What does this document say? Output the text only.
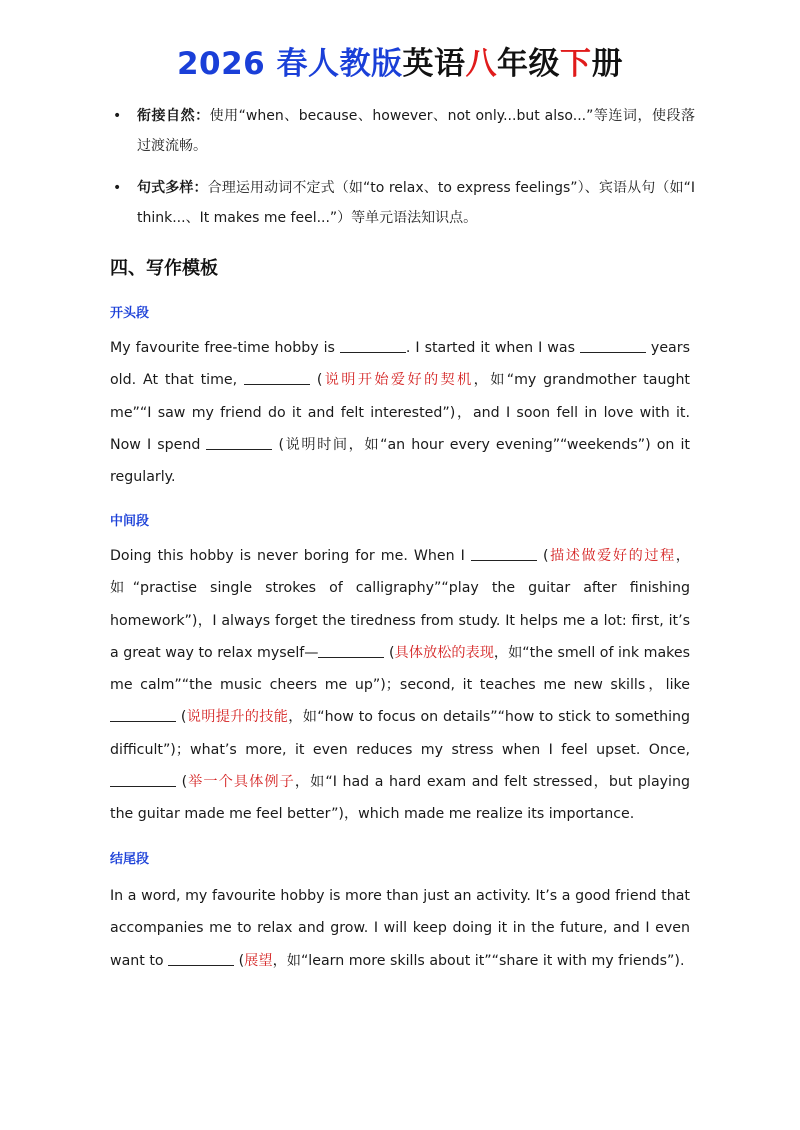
2026 春人教版英语八年级下册
• 衔接自然：使用“when、because、however、not only...but also...”等连词，使段落过渡流畅。
• 句式多样：合理运用动词不定式（如“to relax、to express feelings”）、宾语从句（如“I think...、It makes me feel...”）等单元语法知识点。
四、写作模板
开头段
My favourite free-time hobby is	. I started it when I was	years old. At that time,	(说明开始爱好的契机，如“my grandmother taught me”“I saw my friend do it and felt interested”)，and I soon fell in love with it. Now I spend	(说明时间，如“an hour every evening”“weekends”) on it regularly.
中间段
Doing this hobby is never boring for me. When I	(描述做爱好的过程，如“practise single strokes of calligraphy”“play the guitar after finishing homework”)，I always forget the tiredness from study. It helps me a lot: first, it’s a great way to relax myself—	(具体放松的表现，如“the smell of ink makes me calm”“the music cheers me up”)；second, it teaches me new skills，like  (说明提升的技能，如“how to focus on details”“how to stick to something difficult”)；what’s more, it even reduces my stress when I feel upset. Once,  (举一个具体例子，如“I had a hard exam and felt stressed，but playing the guitar made me feel better”)，which made me realize its importance.
结尾段
In a word, my favourite hobby is more than just an activity. It’s a good friend that accompanies me to relax and grow. I will keep doing it in the future, and I even want to	(展望，如“learn more skills about it”“share it with my friends”).
